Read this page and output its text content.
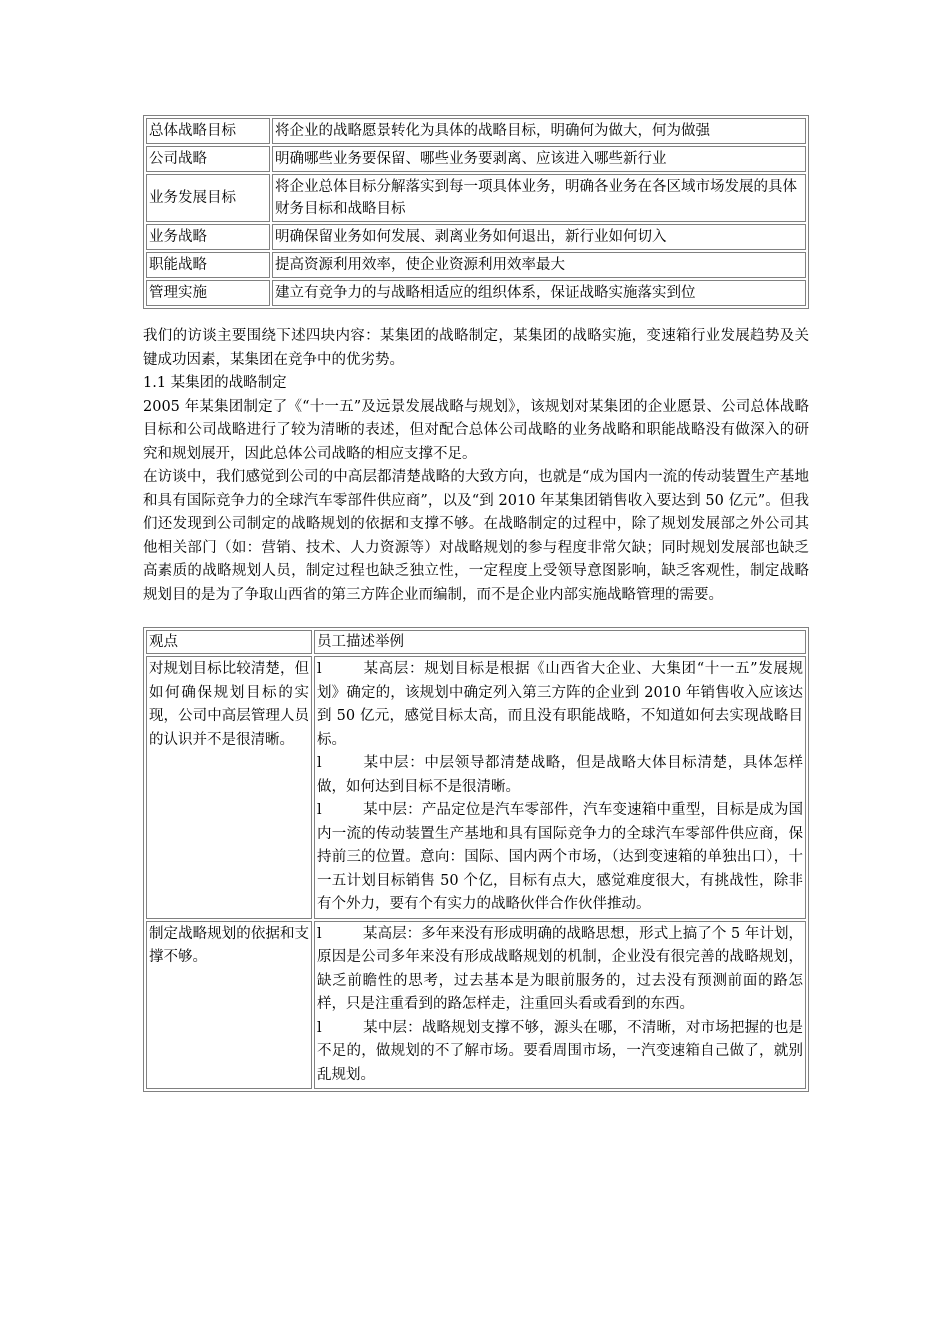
总体战略目标	将企业的战略愿景转化为具体的战略目标，明确何为做大，何为做强
公司战略	明确哪些业务要保留、哪些业务要剥离、应该进入哪些新行业
业务发展目标	将企业总体目标分解落实到每一项具体业务，明确各业务在各区域市场发展的具体财务目标和战略目标
业务战略	明确保留业务如何发展、剥离业务如何退出，新行业如何切入
职能战略	提高资源利用效率，使企业资源利用效率最大
管理实施	建立有竞争力的与战略相适应的组织体系，保证战略实施落实到位

我们的访谈主要围绕下述四块内容：某集团的战略制定，某集团的战略实施，变速箱行业发展趋势及关键成功因素，某集团在竞争中的优劣势。

1.1 某集团的战略制定

2005 年某集团制定了《“十一五”及远景发展战略与规划》，该规划对某集团的企业愿景、公司总体战略目标和公司战略进行了较为清晰的表述，但对配合总体公司战略的业务战略和职能战略没有做深入的研究和规划展开，因此总体公司战略的相应支撑不足。

在访谈中，我们感觉到公司的中高层都清楚战略的大致方向，也就是“成为国内一流的传动装置生产基地和具有国际竞争力的全球汽车零部件供应商”，以及“到 2010 年某集团销售收入要达到 50 亿元”。但我们还发现到公司制定的战略规划的依据和支撑不够。在战略制定的过程中，除了规划发展部之外公司其他相关部门（如：营销、技术、人力资源等）对战略规划的参与程度非常欠缺；同时规划发展部也缺乏高素质的战略规划人员，制定过程也缺乏独立性，一定程度上受领导意图影响，缺乏客观性，制定战略规划目的是为了争取山西省的第三方阵企业而编制，而不是企业内部实施战略管理的需要。

观点	员工描述举例
对规划目标比较清楚，但如何确保规划目标的实现，公司中高层管理人员的认识并不是很清晰。	l 某高层：规划目标是根据《山西省大企业、大集团“十一五”发展规划》确定的，该规划中确定列入第三方阵的企业到 2010 年销售收入应该达到 50 亿元，感觉目标太高，而且没有职能战略，不知道如何去实现战略目标。

l 某中层：中层领导都清楚战略，但是战略大体目标清楚，具体怎样做，如何达到目标不是很清晰。

l 某中层：产品定位是汽车零部件，汽车变速箱中重型，目标是成为国内一流的传动装置生产基地和具有国际竞争力的全球汽车零部件供应商，保持前三的位置。意向：国际、国内两个市场，（达到变速箱的单独出口），十一五计划目标销售 50 个亿，目标有点大，感觉难度很大，有挑战性，除非有个外力，要有个有实力的战略伙伴合作伙伴推动。

制定战略规划的依据和支撑不够。	l 某高层：多年来没有形成明确的战略思想，形式上搞了个 5 年计划，原因是公司多年来没有形成战略规划的机制，企业没有很完善的战略规划，缺乏前瞻性的思考，过去基本是为眼前服务的，过去没有预测前面的路怎样，只是注重看到的路怎样走，注重回头看或看到的东西。

l 某中层：战略规划支撑不够，源头在哪，不清晰，对市场把握的也是不足的，做规划的不了解市场。要看周围市场，一汽变速箱自己做了，就别乱规划。
